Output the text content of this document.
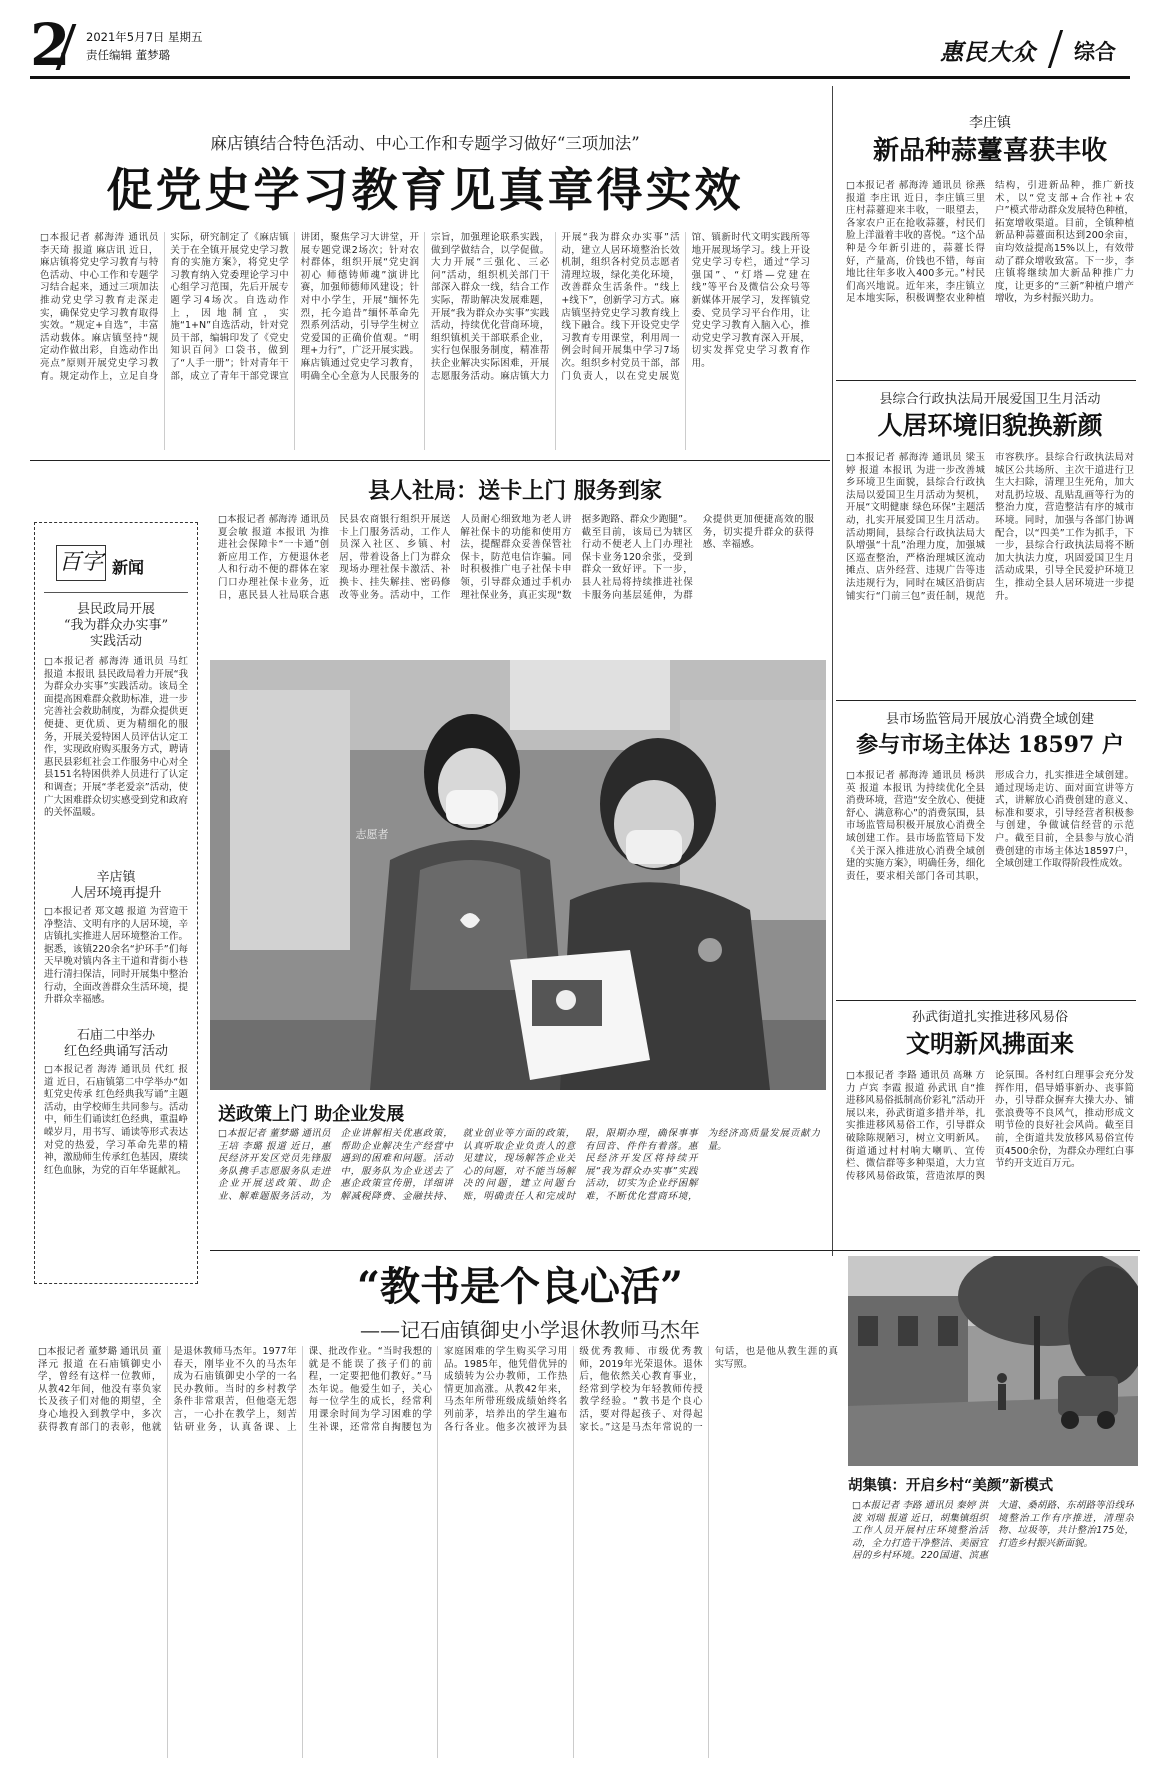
2 2021年5月7日 星期五
责任编辑 董梦璐	惠民大众 综合
麻店镇结合特色活动、中心工作和专题学习做好“三项加法”
促党史学习教育见真章得实效
□本报记者 郝海涛 通讯员 李天琦 报道 麻店讯 近日，麻店镇将党史学习教育与特色活动、中心工作和专题学习结合起来，通过三项加法推动党史学习教育走深走实，确保党史学习教育取得实效。“规定+自选”，丰富活动载体。麻店镇坚持“规定动作做出彩，自选动作出亮点”原则开展党史学习教育。规定动作上，立足自身实际，研究制定了《麻店镇关于在全镇开展党史学习教育的实施方案》，将党史学习教育纳入党委理论学习中心组学习范围，先后开展专题学习4场次。自选动作上，因地制宜，实施“1+N”自选活动，针对党员干部，编辑印发了《党史知识百问》口袋书，做到了“人手一册”；针对青年干部，成立了青年干部党课宣讲团，聚焦学习大讲堂，开展专题党课2场次；针对农村群体，组织开展“党史润初心 师德铸师魂”演讲比赛，加强师德师风建设；针对中小学生，开展“缅怀先烈，托今追昔”缅怀革命先烈系列活动，引导学生树立党爱国的正确价值观。“明理+力行”，广泛开展实践。麻店镇通过党史学习教育，明确全心全意为人民服务的宗旨，加强理论联系实践，做到学做结合，以学促做。大力开展“三强化、三必问”活动，组织机关部门干部深入群众一线，结合工作实际，帮助解决发展难题，开展“我为群众办实事”实践活动，持续优化营商环境，组织镇机关干部联系企业，实行包保服务制度，精准帮扶企业解决实际困难，开展志愿服务活动。麻店镇大力开展“我为群众办实事”活动，建立人居环境整治长效机制，组织各村党员志愿者清理垃圾，绿化美化环境，改善群众生活条件。“线上+线下”，创新学习方式。麻店镇坚持党史学习教育线上线下融合。线下开设党史学习教育专用课堂，利用周一例会时间开展集中学习7场次。组织乡村党员干部，部门负责人，以在党史展览馆、镇新时代文明实践所等地开展现场学习。线上开设党史学习专栏，通过“学习强国”、“灯塔—党建在线”等平台及微信公众号等新媒体开展学习，发挥镇党委、党员学习平台作用，让党史学习教育入脑入心，推动党史学习教育深入开展，切实发挥党史学习教育作用。
李庄镇
新品种蒜薹喜获丰收
□本报记者 郝海涛 通讯员 徐燕 报道 李庄讯 近日，李庄镇三里庄村蒜薹迎来丰收，一眼望去，各家农户正在抢收蒜薹，村民们脸上洋溢着丰收的喜悦。“这个品种是今年新引进的，蒜薹长得好，产量高，价钱也不错，每亩地比往年多收入400多元。”村民们高兴地说。近年来，李庄镇立足本地实际，积极调整农业种植结构，引进新品种，推广新技术，以“党支部+合作社+农户”模式带动群众发展特色种植，拓宽增收渠道。目前，全镇种植新品种蒜薹面积达到200余亩，亩均效益提高15%以上，有效带动了群众增收致富。下一步，李庄镇将继续加大新品种推广力度，让更多的“三新”种植户增产增收，为乡村振兴助力。
县综合行政执法局开展爱国卫生月活动
人居环境旧貌换新颜
□本报记者 郝海涛 通讯员 梁玉婷 报道 本报讯 为进一步改善城乡环境卫生面貌，县综合行政执法局以爱国卫生月活动为契机，开展“文明健康 绿色环保”主题活动，扎实开展爱国卫生月活动。活动期间，县综合行政执法局大队增强“十乱”治理力度，加强城区巡查整治，严格治理城区流动摊点、店外经营、违规广告等违法违规行为，同时在城区沿街店铺实行“门前三包”责任制，规范市容秩序。县综合行政执法局对城区公共场所、主次干道进行卫生大扫除，清理卫生死角，加大对乱扔垃圾、乱贴乱画等行为的整治力度，营造整洁有序的城市环境。同时，加强与各部门协调配合，以“四美”工作为抓手，下一步，县综合行政执法局将不断加大执法力度，巩固爱国卫生月活动成果，引导全民爱护环境卫生，推动全县人居环境进一步提升。
县市场监管局开展放心消费全域创建
参与市场主体达 18597 户
□本报记者 郝海涛 通讯员 杨洪英 报道 本报讯 为持续优化全县消费环境，营造“安全放心、便捷舒心、满意称心”的消费氛围，县市场监管局积极开展放心消费全域创建工作。县市场监管局下发《关于深入推进放心消费全域创建的实施方案》，明确任务，细化责任，要求相关部门各司其职，形成合力，扎实推进全域创建。通过现场走访、面对面宣讲等方式，讲解放心消费创建的意义、标准和要求，引导经营者积极参与创建，争做诚信经营的示范户。截至目前，全县参与放心消费创建的市场主体达18597户，全域创建工作取得阶段性成效。
孙武街道扎实推进移风易俗
文明新风拂面来
□本报记者 李路 通讯员 高琳 方力 卢宾 李霞 报道 孙武讯 自“推进移风易俗抵制高价彩礼”活动开展以来，孙武街道多措并举，扎实推进移风易俗工作，引导群众破除陈规陋习，树立文明新风。街道通过村村响大喇叭、宣传栏、微信群等多种渠道，大力宣传移风易俗政策，营造浓厚的舆论氛围。各村红白理事会充分发挥作用，倡导婚事新办、丧事简办，引导群众摒弃大操大办、铺张浪费等不良风气，推动形成文明节俭的良好社会风尚。截至目前，全街道共发放移风易俗宣传页4500余份，为群众办理红白事节约开支近百万元。
百字 新闻
县民政局开展
“我为群众办实事”
实践活动
□本报记者 郝海涛 通讯员 马红 报道 本报讯 县民政局着力开展“我为群众办实事”实践活动。该局全面提高困难群众救助标准，进一步完善社会救助制度，为群众提供更便捷、更优质、更为精细化的服务，开展关爱特困人员评估认定工作，实现政府购买服务方式，聘请惠民县彩虹社会工作服务中心对全县151名特困供养人员进行了认定和调查；开展“孝老爱亲”活动，使广大困难群众切实感受到党和政府的关怀温暖。
辛店镇
人居环境再提升
□本报记者 郑文越 报道 为营造干净整洁、文明有序的人居环境，辛店镇扎实推进人居环境整治工作。据悉，该镇220余名“护环手”们每天早晚对镇内各主干道和背街小巷进行清扫保洁，同时开展集中整治行动，全面改善群众生活环境，提升群众幸福感。
石庙二中举办
红色经典诵写活动
□本报记者 海涛 通讯员 代红 报道 近日，石庙镇第二中学举办“如虹党史传承 红色经典我写诵”主题活动，由学校师生共同参与。活动中，师生们诵读红色经典，重温峥嵘岁月，用书写、诵读等形式表达对党的热爱，学习革命先辈的精神，激励师生传承红色基因，赓续红色血脉，为党的百年华诞献礼。
县人社局：送卡上门 服务到家
□本报记者 郝海涛 通讯员 夏会敏 报道 本报讯 为推进社会保障卡“一卡通”创新应用工作，方便退休老人和行动不便的群体在家门口办理社保卡业务，近日，惠民县人社局联合惠民县农商银行组织开展送卡上门服务活动，工作人员深入社区、乡镇、村居，带着设备上门为群众现场办理社保卡激活、补换卡、挂失解挂、密码修改等业务。活动中，工作人员耐心细致地为老人讲解社保卡的功能和使用方法，提醒群众妥善保管社保卡，防范电信诈骗。同时积极推广电子社保卡申领，引导群众通过手机办理社保业务，真正实现“数据多跑路、群众少跑腿”。截至目前，该局已为辖区行动不便老人上门办理社保卡业务120余张，受到群众一致好评。下一步，县人社局将持续推进社保卡服务向基层延伸，为群众提供更加便捷高效的服务，切实提升群众的获得感、幸福感。
志愿者
送政策上门 助企业发展
□本报记者 董梦璐 通讯员 王培 李璐 报道 近日，惠民经济开发区党员先锋服务队携手志愿服务队走进企业开展送政策、助企业、解难题服务活动，为企业讲解相关优惠政策，帮助企业解决生产经营中遇到的困难和问题。活动中，服务队为企业送去了惠企政策宣传册，详细讲解减税降费、金融扶持、就业创业等方面的政策，认真听取企业负责人的意见建议，现场解答企业关心的问题，对不能当场解决的问题，建立问题台账，明确责任人和完成时限，限期办理，确保事事有回音、件件有着落。惠民经济开发区将持续开展“我为群众办实事”实践活动，切实为企业纾困解难，不断优化营商环境，为经济高质量发展贡献力量。
“教书是个良心活”
——记石庙镇御史小学退休教师马杰年
□本报记者 董梦璐 通讯员 董泽元 报道 在石庙镇御史小学，曾经有这样一位教师，从教42年间，他没有辜负家长及孩子们对他的期望，全身心地投入到教学中，多次获得教育部门的表彰，他就是退休教师马杰年。1977年春天，刚毕业不久的马杰年成为石庙镇御史小学的一名民办教师。当时的乡村教学条件非常艰苦，但他毫无怨言，一心扑在教学上，刻苦钻研业务，认真备课、上课、批改作业。“当时我想的就是不能误了孩子们的前程，一定要把他们教好。”马杰年说。他爱生如子，关心每一位学生的成长，经常利用课余时间为学习困难的学生补课，还常常自掏腰包为家庭困难的学生购买学习用品。1985年，他凭借优异的成绩转为公办教师，工作热情更加高涨。从教42年来，马杰年所带班级成绩始终名列前茅，培养出的学生遍布各行各业。他多次被评为县级优秀教师、市级优秀教师，2019年光荣退休。退休后，他依然关心教育事业，经常到学校为年轻教师传授教学经验。“教书是个良心活，要对得起孩子、对得起家长。”这是马杰年常说的一句话，也是他从教生涯的真实写照。
胡集镇：开启乡村“美颜”新模式
□本报记者 李路 通讯员 秦婷 洪波 刘瑞 报道 近日，胡集镇组织工作人员开展村庄环境整治活动，全力打造干净整洁、美丽宜居的乡村环境。220国道、滨惠大道、桑胡路、东胡路等沿线环境整治工作有序推进，清理杂物、垃圾等，共计整治175处，打造乡村振兴新面貌。
